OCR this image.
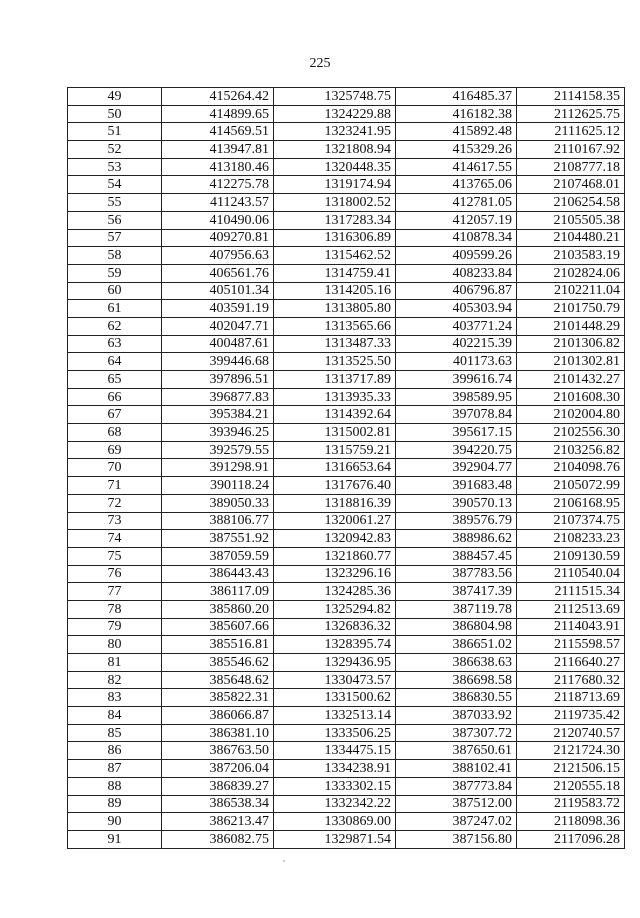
225
49	415264.42	1325748.75	416485.37	2114158.35
50	414899.65	1324229.88	416182.38	2112625.75
51	414569.51	1323241.95	415892.48	2111625.12
52	413947.81	1321808.94	415329.26	2110167.92
53	413180.46	1320448.35	414617.55	2108777.18
54	412275.78	1319174.94	413765.06	2107468.01
55	411243.57	1318002.52	412781.05	2106254.58
56	410490.06	1317283.34	412057.19	2105505.38
57	409270.81	1316306.89	410878.34	2104480.21
58	407956.63	1315462.52	409599.26	2103583.19
59	406561.76	1314759.41	408233.84	2102824.06
60	405101.34	1314205.16	406796.87	2102211.04
61	403591.19	1313805.80	405303.94	2101750.79
62	402047.71	1313565.66	403771.24	2101448.29
63	400487.61	1313487.33	402215.39	2101306.82
64	399446.68	1313525.50	401173.63	2101302.81
65	397896.51	1313717.89	399616.74	2101432.27
66	396877.83	1313935.33	398589.95	2101608.30
67	395384.21	1314392.64	397078.84	2102004.80
68	393946.25	1315002.81	395617.15	2102556.30
69	392579.55	1315759.21	394220.75	2103256.82
70	391298.91	1316653.64	392904.77	2104098.76
71	390118.24	1317676.40	391683.48	2105072.99
72	389050.33	1318816.39	390570.13	2106168.95
73	388106.77	1320061.27	389576.79	2107374.75
74	387551.92	1320942.83	388986.62	2108233.23
75	387059.59	1321860.77	388457.45	2109130.59
76	386443.43	1323296.16	387783.56	2110540.04
77	386117.09	1324285.36	387417.39	2111515.34
78	385860.20	1325294.82	387119.78	2112513.69
79	385607.66	1326836.32	386804.98	2114043.91
80	385516.81	1328395.74	386651.02	2115598.57
81	385546.62	1329436.95	386638.63	2116640.27
82	385648.62	1330473.57	386698.58	2117680.32
83	385822.31	1331500.62	386830.55	2118713.69
84	386066.87	1332513.14	387033.92	2119735.42
85	386381.10	1333506.25	387307.72	2120740.57
86	386763.50	1334475.15	387650.61	2121724.30
87	387206.04	1334238.91	388102.41	2121506.15
88	386839.27	1333302.15	387773.84	2120555.18
89	386538.34	1332342.22	387512.00	2119583.72
90	386213.47	1330869.00	387247.02	2118098.36
91	386082.75	1329871.54	387156.80	2117096.28
